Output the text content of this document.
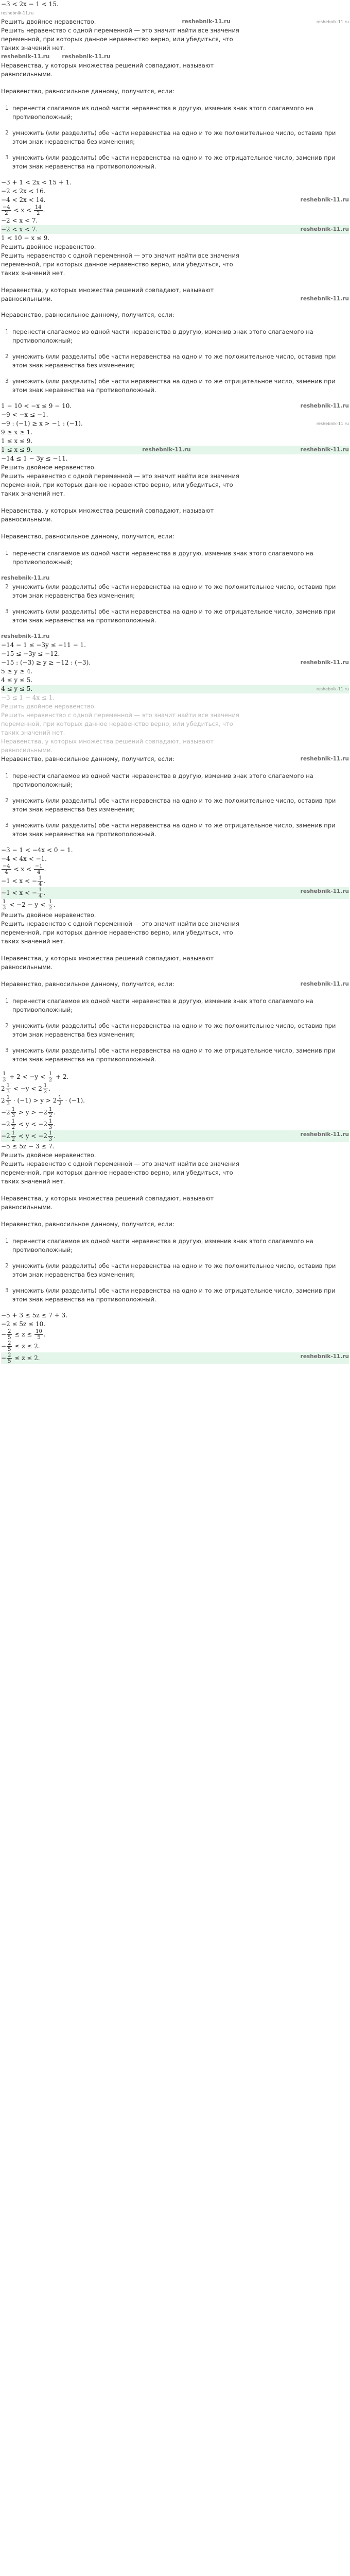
−3 < 2x − 1 < 15.
reshebnik-11.ru
Решить двойное неравенство.	reshebnik-11.ru	reshebnik-11.ru
Решить неравенство с одной переменной — это значит найти все значения
переменной, при которых данное неравенство верно, или убедиться, что
таких значений нет.
reshebnik-11.ru reshebnik-11.ru
Неравенства, у которых множества решений совпадают, называют
равносильными.
Неравенство, равносильное данному, получится, если:
1 перенести слагаемое из одной части неравенства в другую, изменив знак этого слагаемого на противоположный;
2 умножить (или разделить) обе части неравенства на одно и то же положительное число, оставив при этом знак неравенства без изменения;
3 умножить (или разделить) обе части неравенства на одно и то же отрицательное число, заменив при этом знак неравенства на противоположный.
−3 + 1 < 2x < 15 + 1.
−2 < 2x < 16.
−4 < 2x < 14.	reshebnik-11.ru
$\frac{-4}{2} < x < \frac{14}{2}$ .
−2 < x < 7.
−2 < x < 7.	reshebnik-11.ru
1 < 10 − x ≤ 9.
Решить двойное неравенство.
Решить неравенство с одной переменной — это значит найти все значения
переменной, при которых данное неравенство верно, или убедиться, что
таких значений нет.
Неравенства, у которых множества решений совпадают, называют
равносильными.	reshebnik-11.ru
Неравенство, равносильное данному, получится, если:
1 перенести слагаемое из одной части неравенства в другую, изменив знак этого слагаемого на противоположный;
2 умножить (или разделить) обе части неравенства на одно и то же положительное число, оставив при этом знак неравенства без изменения;
3 умножить (или разделить) обе части неравенства на одно и то же отрицательное число, заменив при этом знак неравенства на противоположный.
1 − 10 < −x ≤ 9 − 10.	reshebnik-11.ru
−9 < −x ≤ −1.
−9 : (−1) ≥ x > −1 : (−1).	reshebnik-11.ru
9 ≥ x ≥ 1.
1 ≤ x ≤ 9.
1 ≤ x ≤ 9.	reshebnik-11.ru	reshebnik-11.ru
−14 ≤ 1 − 3y ≤ −11.
Решить двойное неравенство.
Решить неравенство с одной переменной — это значит найти все значения
переменной, при которых данное неравенство верно, или убедиться, что
таких значений нет.
Неравенства, у которых множества решений совпадают, называют
равносильными.
Неравенство, равносильное данному, получится, если:
1 перенести слагаемое из одной части неравенства в другую, изменив знак этого слагаемого на противоположный;
reshebnik-11.ru
2 умножить (или разделить) обе части неравенства на одно и то же положительное число, оставив при этом знак неравенства без изменения;
3 умножить (или разделить) обе части неравенства на одно и то же отрицательное число, заменив при этом знак неравенства на противоположный.
reshebnik-11.ru
−14 − 1 ≤ −3y ≤ −11 − 1.
−15 ≤ −3y ≤ −12.
−15 : (−3) ≥ y ≥ −12 : (−3).	reshebnik-11.ru
5 ≥ y ≥ 4.
4 ≤ y ≤ 5.
4 ≤ y ≤ 5.	reshebnik-11.ru
−3 ≤ 1 − 4x ≤ 1.
Решить двойное неравенство.
Решить неравенство с одной переменной — это значит найти все значения
переменной, при которых данное неравенство верно, или убедиться, что
таких значений нет.
Неравенства, у которых множества решений совпадают, называют
равносильными.
Неравенство, равносильное данному, получится, если:	reshebnik-11.ru
1 перенести слагаемое из одной части неравенства в другую, изменив знак этого слагаемого на противоположный;
2 умножить (или разделить) обе части неравенства на одно и то же положительное число, оставив при этом знак неравенства без изменения;
3 умножить (или разделить) обе части неравенства на одно и то же отрицательное число, заменив при этом знак неравенства на противоположный.
−3 − 1 < −4x < 0 − 1.
−4 < 4x < −1.
$\frac{-4}{4} < x < \frac{-1}{4}$ .
−1 < x < − $\frac{1}{4}$ .
−1 < x < − $\frac{1}{4}$ .	reshebnik-11.ru
$\frac{1}{3} < -2 - y < \frac{1}{2}$ .
Решить двойное неравенство.
Решить неравенство с одной переменной — это значит найти все значения
переменной, при которых данное неравенство верно, или убедиться, что
таких значений нет.
Неравенства, у которых множества решений совпадают, называют
равносильными.
Неравенство, равносильное данному, получится, если:	reshebnik-11.ru
1 перенести слагаемое из одной части неравенства в другую, изменив знак этого слагаемого на противоположный;
2 умножить (или разделить) обе части неравенства на одно и то же положительное число, оставив при этом знак неравенства без изменения;
3 умножить (или разделить) обе части неравенства на одно и то же отрицательное число, заменив при этом знак неравенства на противоположный.
$\frac{1}{3} + 2 < -y < \frac{1}{2} + 2$.
$2 \frac{1}{3} < -y < 2 \frac{1}{2}$ .
$2 \frac{1}{3} \cdot (-1) > y > 2 \frac{1}{2} \cdot (-1)$.
$-2 \frac{1}{3} > y > -2 \frac{1}{2}$ .
$-2 \frac{1}{2} < y < -2 \frac{1}{3}$ .
$-2 \frac{1}{2} < y < -2 \frac{1}{3}$ .	reshebnik-11.ru
−5 ≤ 5z − 3 ≤ 7.
Решить двойное неравенство.
Решить неравенство с одной переменной — это значит найти все значения
переменной, при которых данное неравенство верно, или убедиться, что
таких значений нет.
Неравенства, у которых множества решений совпадают, называют
равносильными.
Неравенство, равносильное данному, получится, если:
1 перенести слагаемое из одной части неравенства в другую, изменив знак этого слагаемого на противоположный;
2 умножить (или разделить) обе части неравенства на одно и то же положительное число, оставив при этом знак неравенства без изменения;
3 умножить (или разделить) обе части неравенства на одно и то же отрицательное число, заменив при этом знак неравенства на противоположный.
−5 + 3 ≤ 5z ≤ 7 + 3.
−2 ≤ 5z ≤ 10.
− $\frac{2}{5} \le z \le \frac{10}{5}$ .
− $\frac{2}{5} \le z \le 2$.
− $\frac{2}{5} \le z \le 2$.	reshebnik-11.ru
